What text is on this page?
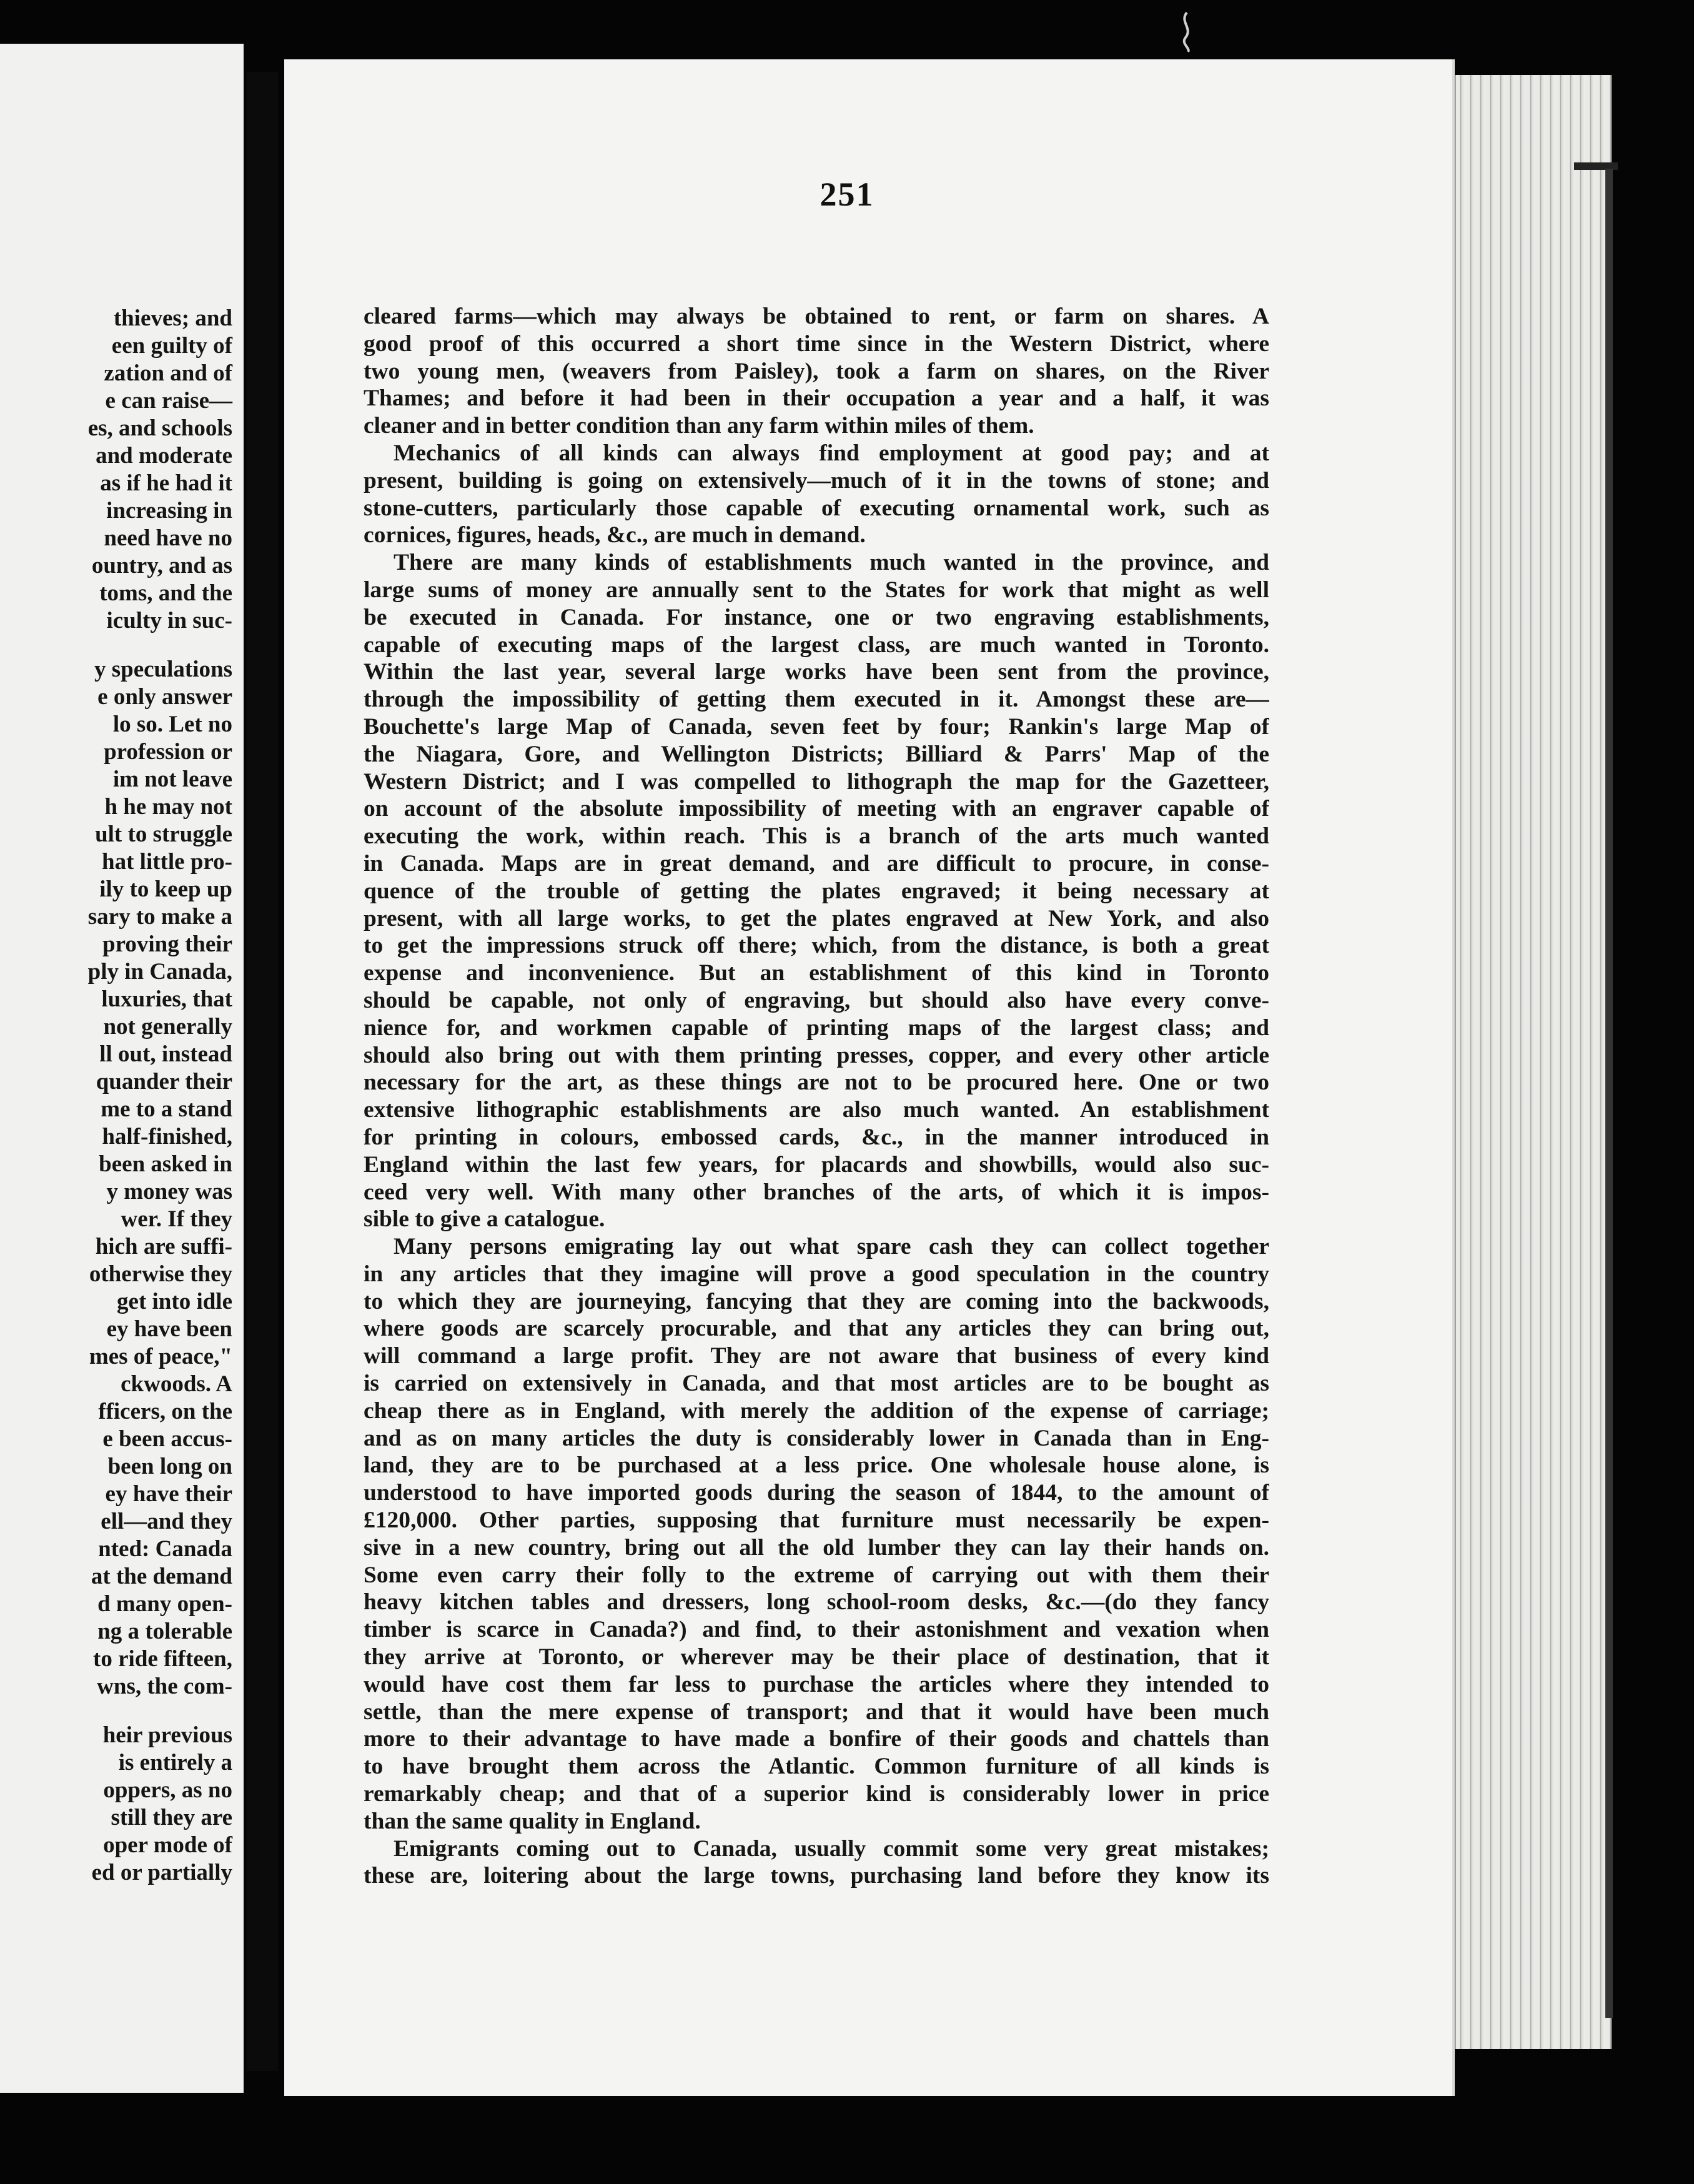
thieves; and
een guilty of
zation and of
e can raise—
es, and schools
and moderate
as if he had it
increasing in
need have no
ountry, and as
toms, and the
iculty in suc-
y speculations
e only answer
lo so. Let no
profession or
im not leave
h he may not
ult to struggle
hat little pro-
ily to keep up
sary to make a
proving their
ply in Canada,
luxuries, that
not generally
ll out, instead
quander their
me to a stand
half-finished,
been asked in
y money was
wer. If they
hich are suffi-
otherwise they
get into idle
ey have been
mes of peace,"
ckwoods. A
fficers, on the
e been accus-
been long on
ey have their
ell—and they
nted: Canada
at the demand
d many open-
ng a tolerable
to ride fifteen,
wns, the com-
heir previous
is entirely a
oppers, as no
still they are
oper mode of
ed or partially
251
cleared farms—which may always be obtained to rent, or farm on shares. A
good proof of this occurred a short time since in the Western District, where
two young men, (weavers from Paisley), took a farm on shares, on the River
Thames; and before it had been in their occupation a year and a half, it was
cleaner and in better condition than any farm within miles of them.
Mechanics of all kinds can always find employment at good pay; and at
present, building is going on extensively—much of it in the towns of stone; and
stone-cutters, particularly those capable of executing ornamental work, such as
cornices, figures, heads, &c., are much in demand.
There are many kinds of establishments much wanted in the province, and
large sums of money are annually sent to the States for work that might as well
be executed in Canada. For instance, one or two engraving establishments,
capable of executing maps of the largest class, are much wanted in Toronto.
Within the last year, several large works have been sent from the province,
through the impossibility of getting them executed in it. Amongst these are—
Bouchette's large Map of Canada, seven feet by four; Rankin's large Map of
the Niagara, Gore, and Wellington Districts; Billiard & Parrs' Map of the
Western District; and I was compelled to lithograph the map for the Gazetteer,
on account of the absolute impossibility of meeting with an engraver capable of
executing the work, within reach. This is a branch of the arts much wanted
in Canada. Maps are in great demand, and are difficult to procure, in conse-
quence of the trouble of getting the plates engraved; it being necessary at
present, with all large works, to get the plates engraved at New York, and also
to get the impressions struck off there; which, from the distance, is both a great
expense and inconvenience. But an establishment of this kind in Toronto
should be capable, not only of engraving, but should also have every conve-
nience for, and workmen capable of printing maps of the largest class; and
should also bring out with them printing presses, copper, and every other article
necessary for the art, as these things are not to be procured here. One or two
extensive lithographic establishments are also much wanted. An establishment
for printing in colours, embossed cards, &c., in the manner introduced in
England within the last few years, for placards and showbills, would also suc-
ceed very well. With many other branches of the arts, of which it is impos-
sible to give a catalogue.
Many persons emigrating lay out what spare cash they can collect together
in any articles that they imagine will prove a good speculation in the country
to which they are journeying, fancying that they are coming into the backwoods,
where goods are scarcely procurable, and that any articles they can bring out,
will command a large profit. They are not aware that business of every kind
is carried on extensively in Canada, and that most articles are to be bought as
cheap there as in England, with merely the addition of the expense of carriage;
and as on many articles the duty is considerably lower in Canada than in Eng-
land, they are to be purchased at a less price. One wholesale house alone, is
understood to have imported goods during the season of 1844, to the amount of
£120,000. Other parties, supposing that furniture must necessarily be expen-
sive in a new country, bring out all the old lumber they can lay their hands on.
Some even carry their folly to the extreme of carrying out with them their
heavy kitchen tables and dressers, long school-room desks, &c.—(do they fancy
timber is scarce in Canada?) and find, to their astonishment and vexation when
they arrive at Toronto, or wherever may be their place of destination, that it
would have cost them far less to purchase the articles where they intended to
settle, than the mere expense of transport; and that it would have been much
more to their advantage to have made a bonfire of their goods and chattels than
to have brought them across the Atlantic. Common furniture of all kinds is
remarkably cheap; and that of a superior kind is considerably lower in price
than the same quality in England.
Emigrants coming out to Canada, usually commit some very great mistakes;
these are, loitering about the large towns, purchasing land before they know its
